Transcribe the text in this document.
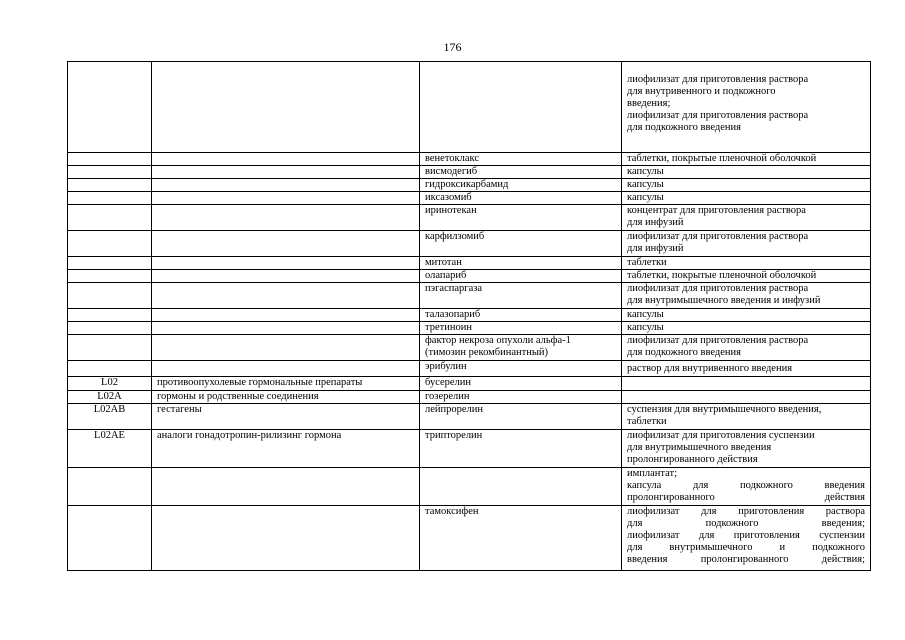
176
			лиофилизат для приготовления раствора
для внутривенного и подкожного
введения;
лиофилизат для приготовления раствора
для подкожного введения
		венетоклакс	таблетки, покрытые пленочной оболочкой
		висмодегиб	капсулы
		гидроксикарбамид	капсулы
		иксазомиб	капсулы
		иринотекан	концентрат для приготовления раствора
для инфузий
		карфилзомиб	лиофилизат для приготовления раствора
для инфузий
		митотан	таблетки
		олапариб	таблетки, покрытые пленочной оболочкой
		пэгаспаргаза	лиофилизат для приготовления раствора
для внутримышечного введения и инфузий
		талазопариб	капсулы
		третиноин	капсулы
		фактор некроза опухоли альфа-1
(тимозин рекомбинантный)	лиофилизат для приготовления раствора
для подкожного введения
		эрибулин	раствор для внутривенного введения
L02	противоопухолевые гормональные препараты	бусерелин	
L02A	гормоны и родственные соединения	гозерелин	
L02AB	гестагены	лейпрорелин	суспензия для внутримышечного введения,
таблетки
L02AE	аналоги гонадотропин-рилизинг гормона	трипторелин	лиофилизат для приготовления суспензии
для внутримышечного введения
пролонгированного действия
			имплантат;
капсула для подкожного введения
пролонгированного действия
		тамоксифен	лиофилизат для приготовления раствора
для подкожного введения;
лиофилизат для приготовления суспензии
для внутримышечного и подкожного
введения пролонгированного действия;
